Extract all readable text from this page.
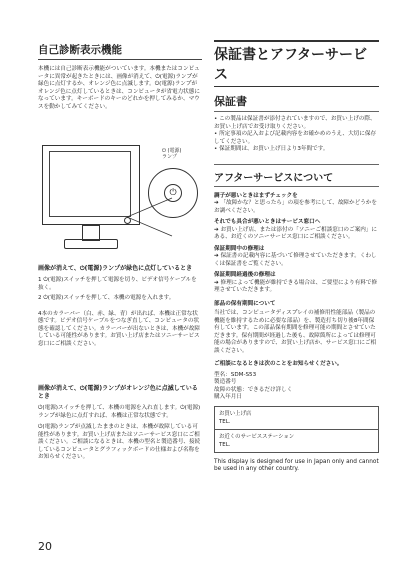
自己診断表示機能

本機には自己診断表示機能がついています。本機またはコンピュータに異常が起きたときには、画像が消えて、⏻(電源)ランプが緑色に点灯するか、オレンジ色に点滅します。⏻(電源)ランプがオレンジ色に点灯しているときは、コンピュータが省電力状態になっています。キーボードのキーのどれかを押してみるか、マウスを動かしてみてください。

⏻
⏻ (電源)
ランプ

画像が消えて、⏻(電源)ランプが緑色に点灯しているとき

1 ⏻(電源)スイッチを押して電源を切り、ビデオ信号ケーブルを抜く。

2 ⏻(電源)スイッチを押して、本機の電源を入れます。

4本のカラーバー（白、赤、緑、青）が出れば、本機は正常な状態です。ビデオ信号ケーブルをつなぎ直して、コンピュータの状態を確認してください。カラーバーが出ないときは、本機が故障している可能性があります。お買い上げ店またはソニーサービス窓口にご相談ください。

画像が消えて、⏻(電源)ランプがオレンジ色に点滅しているとき

⏻(電源)スイッチを押して、本機の電源を入れ直します。⏻(電源)ランプが緑色に点灯すれば、本機は正常な状態です。

⏻(電源)ランプが点滅したままのときは、本機が故障している可能性があります。お買い上げ店またはソニーサービス窓口にご相談ください。ご相談になるときは、本機の型名と製造番号、接続しているコンピュータとグラフィックボードの仕様および名称をお知らせください。

保証書とアフターサービス
保証書
• この製品は保証書が添付されていますので、お買い上げの際、お買い上げ店でお受け取りください。
• 所定事項の記入および記載内容をお確かめのうえ、大切に保存してください。
• 保証期間は、お買い上げ日より3年間です。
アフターサービスについて

調子が悪いときはまずチェックを

➔ 「故障かな？と思ったら」の項を参考にして、故障かどうかをお調べください。

それでも具合が悪いときはサービス窓口へ

➔ お買い上げ店、または添付の「ソニーご相談窓口のご案内」にある、お近くのソニーサービス窓口にご相談ください。

保証期間中の修理は

➔ 保証書の記載内容に基づいて修理させていただきます。くわしくは保証書をご覧ください。

保証期間経過後の修理は

➔ 修理によって機能が維持できる場合は、ご要望により有料で修理させていただきます。

部品の保有期間について

当社では、コンピュータディスプレイの補修用性能部品（製品の機能を維持するために必要な部品）を、製造打ち切り後8年間保有しています。この部品保有期間を修理可能の期間とさせていただきます。保有期間が経過した後も、故障箇所によっては修理可能の場合がありますので、お買い上げ店か、サービス窓口にご相談ください。

ご相談になるときは次のことをお知らせください。

型名：SDM-S53

製造番号

故障の状態：できるだけ詳しく

購入年月日

お買い上げ店
TEL.
お近くのサービスステーション
TEL.

This display is designed for use in Japan only and cannot be used in any other country.

20
